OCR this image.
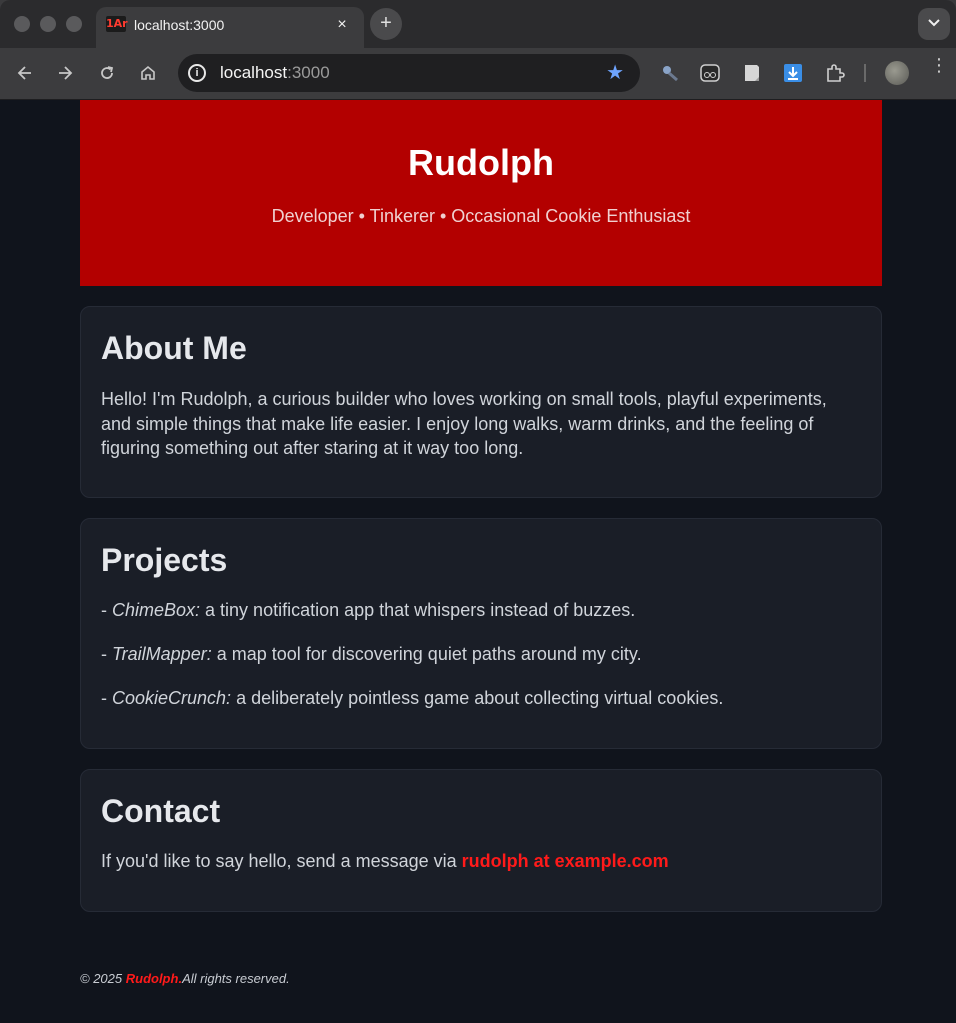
1Ar localhost:3000	×	+
i	localhost:3000	★	⋮
Rudolph
Developer • Tinkerer • Occasional Cookie Enthusiast
About Me

Hello! I'm Rudolph, a curious builder who loves working on small tools, playful experiments, and simple things that make life easier. I enjoy long walks, warm drinks, and the feeling of figuring something out after staring at it way too long.

Projects

- ChimeBox: a tiny notification app that whispers instead of buzzes.

- TrailMapper: a map tool for discovering quiet paths around my city.

- CookieCrunch: a deliberately pointless game about collecting virtual cookies.

Contact

If you'd like to say hello, send a message via rudolph at example.com

© 2025 Rudolph.All rights reserved.
